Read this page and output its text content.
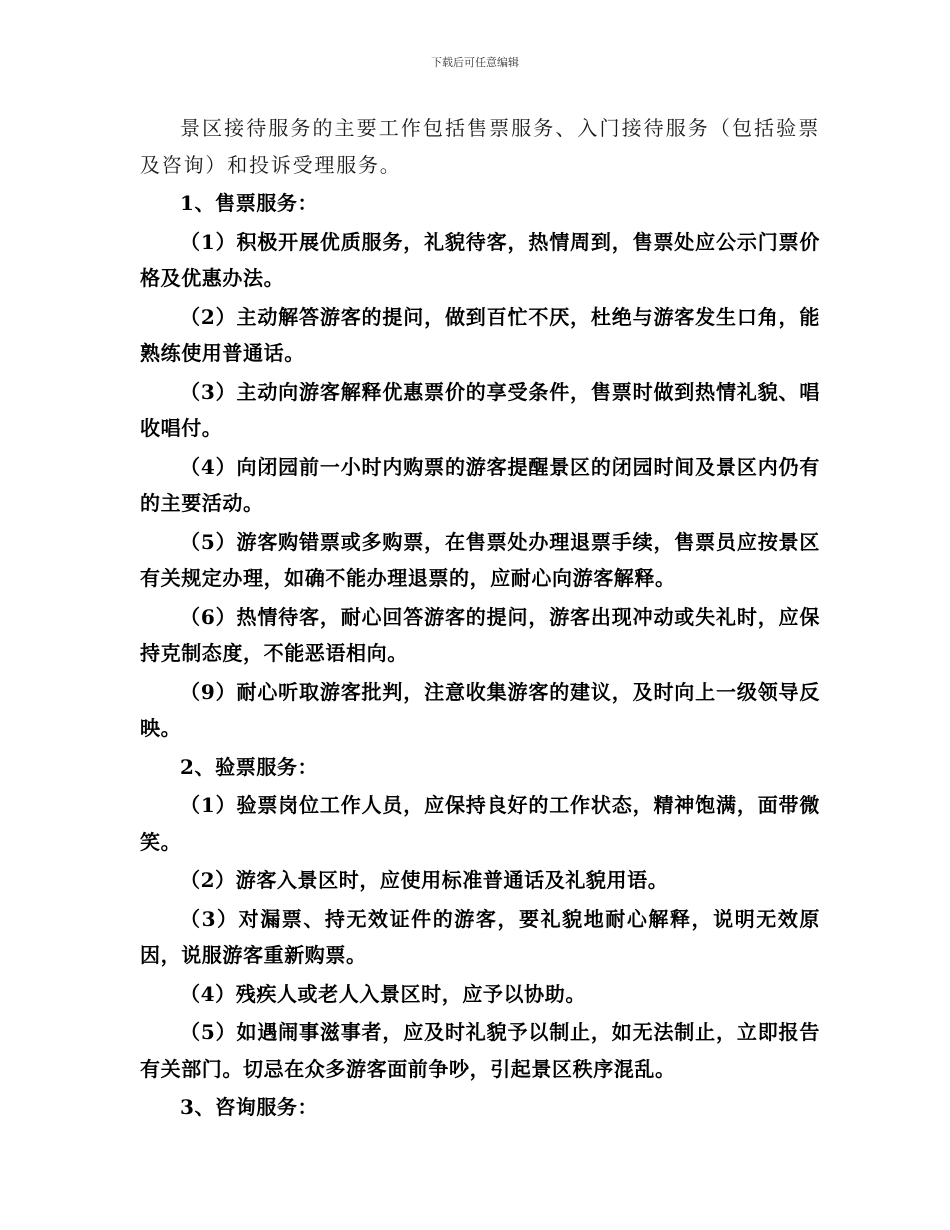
下载后可任意编辑

景区接待服务的主要工作包括售票服务、入门接待服务（包括验票及咨询）和投诉受理服务。

1、售票服务：

（1）积极开展优质服务，礼貌待客，热情周到，售票处应公示门票价格及优惠办法。

（2）主动解答游客的提问，做到百忙不厌，杜绝与游客发生口角，能熟练使用普通话。

（3）主动向游客解释优惠票价的享受条件，售票时做到热情礼貌、唱收唱付。

（4）向闭园前一小时内购票的游客提醒景区的闭园时间及景区内仍有的主要活动。

（5）游客购错票或多购票，在售票处办理退票手续，售票员应按景区有关规定办理，如确不能办理退票的，应耐心向游客解释。

（6）热情待客，耐心回答游客的提问，游客出现冲动或失礼时，应保持克制态度，不能恶语相向。

（9）耐心听取游客批判，注意收集游客的建议，及时向上一级领导反映。

2、验票服务：

（1）验票岗位工作人员，应保持良好的工作状态，精神饱满，面带微笑。

（2）游客入景区时，应使用标准普通话及礼貌用语。

（3）对漏票、持无效证件的游客，要礼貌地耐心解释，说明无效原因，说服游客重新购票。

（4）残疾人或老人入景区时，应予以协助。

（5）如遇闹事滋事者，应及时礼貌予以制止，如无法制止，立即报告有关部门。切忌在众多游客面前争吵，引起景区秩序混乱。

3、咨询服务：
